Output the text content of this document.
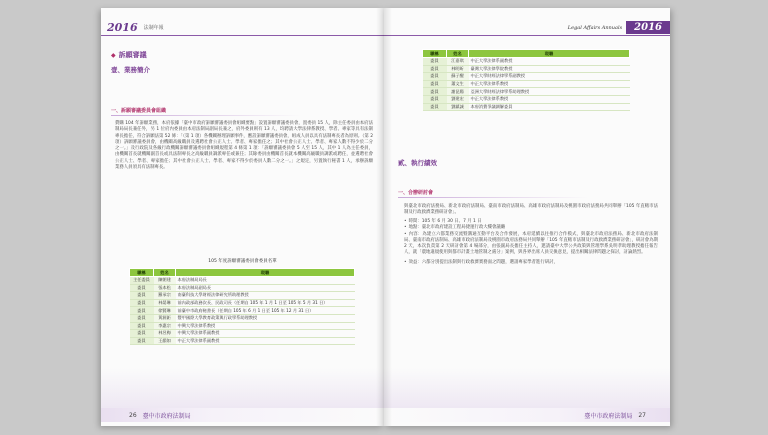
2016 法制年報
◆ 訴願審議
壹、業務簡介
一、訴願審議委員會組織
費購 104 年訴願業務，本府依據「臺中市政府訴願審議委員會組織要點」設置訴願審議委員會，置委員 15 人，除主任委員由本府法制局局長兼任外，另 1 位府內委員由本府法制局副局長兼之，府外委員則有 13 人，均聘請大學法律系教授、學者、專家等具有法制專長擔任，符合訴願法第 52 條：「（第 1 項）各機關辦理訴願事件，應設訴願審議委員會，組成人員以具有法制專長者為原則。（第 2 項）訴願審議委員會，由機關高級職員及遴聘社會公正人士、學者、專家擔任之；其中社會公正人士、學者、專家人數不得少於二分之一。」及行政院及各級行政機關訴願審議委員會組織規程第 4 條第 1 項：「訴願審議委員會 5 人至 15 人，其中 1 人為主任委員，由機關首長就機關副首長或具法制專長之高級職員調派專任或兼任；其餘委員由機關首長就本機關高級職員調派或聘任，並遴聘社會公正人士、學者、專家擔任；其中社會公正人士、學者、專家不得少於委員人數二分之一。」之規定，另置執行秘書 1 人，承辦訴願業務人員須具有法制專長。
105 年度訴願審議委員會委員名單
職稱	姓名	現職
主任委員	陳朝建	本府法制局局長
委員	張本松	本府法制局副局長
委員	羅承宗	南臺科技大學財經法律研究所助理教授
委員	林晏琳	前內政部政務次長、民政司長（任期自 105 年 1 月 1 日至 105 年 5 月 31 日）
委員	徐賢琳	前臺中市政府秘書長（任期自 105 年 6 月 1 日至 105 年 12 月 31 日）
委員	黃源鉅	豐甲國際大學教育政策與行政學系助理教授
委員	李惠宗	中興大學法律系教授
委員	林昱梅	中興大學法律系副教授
委員	王韻如	中正大學法律系副教授
26 臺中市政府法制局
Legal Affairs Annuals	2016
職稱	姓名	現職
委員	江嘉琪	中正大學法律系副教授
委員	林明昕	臺灣大學法律學院教授
委員	蘇子醒	中正大學財經法律學系副教授
委員	蕭文生	中正大學法律系教授
委員	謝昆陽	亞洲大學財經法律學系助理教授
委員	劉建宏	中正大學法律系教授
委員	劉鎮誠	本府消費爭議調解委員
貳、執行績效
一、合辦研討會
與臺北市政府法務局、新北市政府法制局、臺南市政府法制局、高雄市政府法制局及桃園市政府法務局共同舉辦「105 年直轄市法制及行政救濟業務研討會」。
• 時間：105 年 6 月 30 日、7 月 1 日
• 地點：臺北市政府建設工程局捷運行政大樓會議廳
• 內容：為建立六都業務交流暨溝通互動平台及合作發展，本府延續以往推行合作模式，與臺北市政府法務局、新北市政府法制局、臺南市政府法制局、高雄市政府法制局及桃園市政府法務局共同舉辦「105 年直轄市法制及行政救濟業務研討會」，研討會為期 2 天，本次負責第 2 天研討會第 4 場部分，由張副局長擔任主持人，邀請臺中大學公共政策與管理學系吳明孝助理教授擔任報告人，就「農地違規使用與都市計畫土地管制之處分」案例，與各界出席人員交換意見，提出相關法律問題之探討，討論熱烈。
• 效益：六都分別提出法制與行政救濟實務面之問題，選請專家學者進行研討，
臺中市政府法制局 27
